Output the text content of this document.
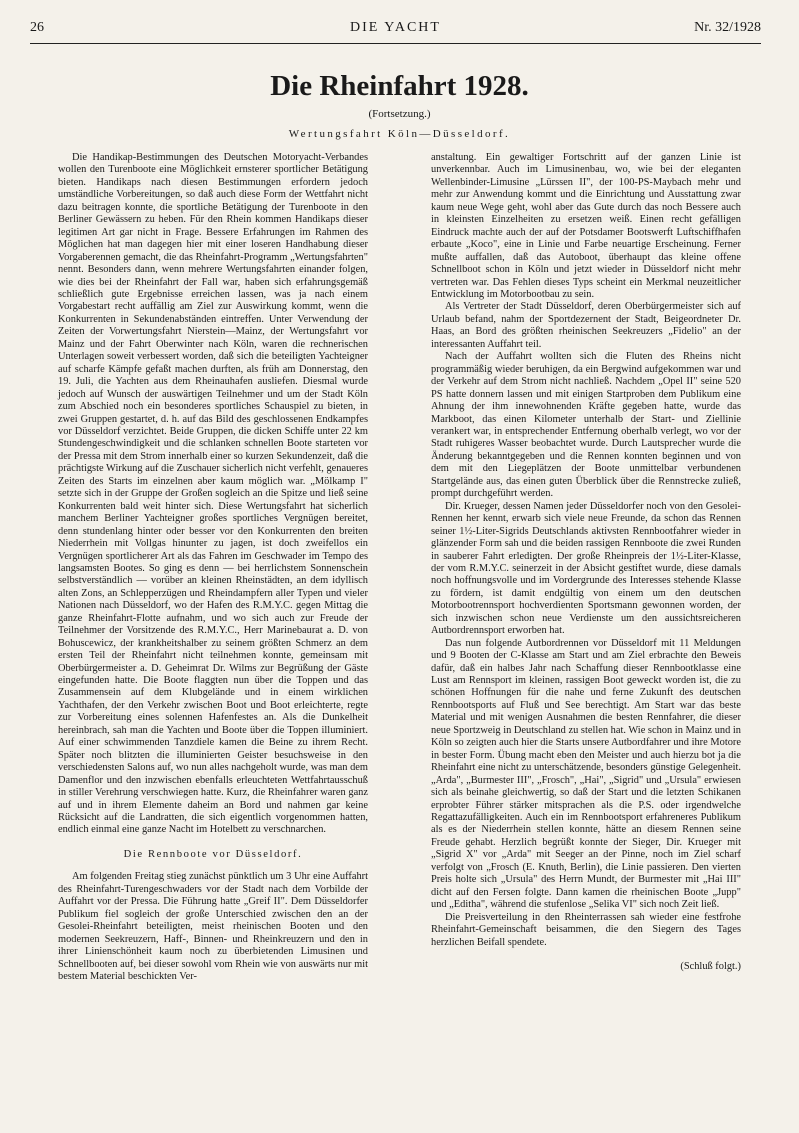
26	DIE YACHT	Nr. 32/1928
Die Rheinfahrt 1928.
(Fortsetzung.)
Wertungsfahrt Köln—Düsseldorf.

Die Handikap-Bestimmungen des Deutschen Motoryacht-Verbandes wollen den Turenboote eine Möglichkeit ernsterer sportlicher Betätigung bieten. Handikaps nach diesen Bestimmungen erfordern jedoch umständliche Vorbereitungen, so daß auch diese Form der Wettfahrt nicht dazu beitragen konnte, die sportliche Betätigung der Turenboote in den Berliner Gewässern zu heben. Für den Rhein kommen Handikaps dieser legitimen Art gar nicht in Frage. Bessere Erfahrungen im Rahmen des Möglichen hat man dagegen hier mit einer loseren Handhabung dieser Vorgaberennen gemacht, die das Rheinfahrt-Programm „Wertungsfahrten" nennt. Besonders dann, wenn mehrere Wertungsfahrten einander folgen, wie dies bei der Rheinfahrt der Fall war, haben sich erfahrungsgemäß schließlich gute Ergebnisse erreichen lassen, was ja nach einem Vorgabestart recht auffällig am Ziel zur Auswirkung kommt, wenn die Konkurrenten in Sekundenabständen eintreffen. Unter Verwendung der Zeiten der Vorwertungsfahrt Nierstein—Mainz, der Wertungsfahrt vor Mainz und der Fahrt Oberwinter nach Köln, waren die rechnerischen Unterlagen soweit verbessert worden, daß sich die beteiligten Yachteigner auf scharfe Kämpfe gefaßt machen durften, als früh am Donnerstag, den 19. Juli, die Yachten aus dem Rheinauhafen ausliefen. Diesmal wurde jedoch auf Wunsch der auswärtigen Teilnehmer und um der Stadt Köln zum Abschied noch ein besonderes sportliches Schauspiel zu bieten, in zwei Gruppen gestartet, d. h. auf das Bild des geschlossenen Endkampfes vor Düsseldorf verzichtet. Beide Gruppen, die dicken Schiffe unter 22 km Stundengeschwindigkeit und die schlanken schnellen Boote starteten vor der Pressa mit dem Strom innerhalb einer so kurzen Sekundenzeit, daß die prächtigste Wirkung auf die Zuschauer sicherlich nicht verfehlt, genaueres Zeiten des Starts im einzelnen aber kaum möglich war. „Mölkamp I" setzte sich in der Gruppe der Großen sogleich an die Spitze und ließ seine Konkurrenten bald weit hinter sich. Diese Wertungsfahrt hat sicherlich manchem Berliner Yachteigner großes sportliches Vergnügen bereitet, denn stundenlang hinter oder besser vor den Konkurrenten den breiten Niederrhein mit Vollgas hinunter zu jagen, ist doch zweifellos ein Vergnügen sportlicherer Art als das Fahren im Geschwader im Tempo des langsamsten Bootes. So ging es denn — bei herrlichstem Sonnenschein selbstverständlich — vorüber an kleinen Rheinstädten, an dem idyllisch alten Zons, an Schlepperzügen und Rheindampfern aller Typen und vieler Nationen nach Düsseldorf, wo der Hafen des R.M.Y.C. gegen Mittag die ganze Rheinfahrt-Flotte aufnahm, und wo sich auch zur Freude der Teilnehmer der Vorsitzende des R.M.Y.C., Herr Marinebaurat a. D. von Bohuscewicz, der krankheitshalber zu seinem größten Schmerz an dem ersten Teil der Rheinfahrt nicht teilnehmen konnte, gemeinsam mit Oberbürgermeister a. D. Geheimrat Dr. Wilms zur Begrüßung der Gäste eingefunden hatte. Die Boote flaggten nun über die Toppen und das Zusammensein auf dem Klubgelände und in einem wirklichen Yachthafen, der den Verkehr zwischen Boot und Boot erleichterte, regte zur Vorbereitung eines solennen Hafenfestes an. Als die Dunkelheit hereinbrach, sah man die Yachten und Boote über die Toppen illuminiert. Auf einer schwimmenden Tanzdiele kamen die Beine zu ihrem Recht. Später noch blitzten die illuminierten Geister besuchsweise in den verschiedensten Salons auf, wo nun alles nachgeholt wurde, was man dem Damenflor und den inzwischen ebenfalls erleuchteten Wettfahrtausschuß in stiller Verehrung verschwiegen hatte. Kurz, die Rheinfahrer waren ganz auf und in ihrem Elemente daheim an Bord und nahmen gar keine Rücksicht auf die Landratten, die sich eigentlich vorgenommen hatten, endlich einmal eine ganze Nacht im Hotelbett zu verschnarchen.

Die Rennboote vor Düsseldorf.

Am folgenden Freitag stieg zunächst pünktlich um 3 Uhr eine Auffahrt des Rheinfahrt-Turengeschwaders vor der Stadt nach dem Vorbilde der Auffahrt vor der Pressa. Die Führung hatte „Greif II". Dem Düsseldorfer Publikum fiel sogleich der große Unterschied zwischen den an der Gesolei-Rheinfahrt beteiligten, meist rheinischen Booten und den modernen Seekreuzern, Haff-, Binnen- und Rheinkreuzern und den in ihrer Linienschönheit kaum noch zu überbietenden Limusinen und Schnellbooten auf, bei dieser sowohl vom Rhein wie von auswärts nur mit bestem Material beschickten Ver-

anstaltung. Ein gewaltiger Fortschritt auf der ganzen Linie ist unverkennbar. Auch im Limusinenbau, wo, wie bei der eleganten Wellenbinder-Limusine „Lürssen II", der 100-PS-Maybach mehr und mehr zur Anwendung kommt und die Einrichtung und Ausstattung zwar kaum neue Wege geht, wohl aber das Gute durch das noch Bessere auch in kleinsten Einzelheiten zu ersetzen weiß. Einen recht gefälligen Eindruck machte auch der auf der Potsdamer Bootswerft Luftschiffhafen erbaute „Koco", eine in Linie und Farbe neuartige Erscheinung. Ferner mußte auffallen, daß das Autoboot, überhaupt das kleine offene Schnellboot schon in Köln und jetzt wieder in Düsseldorf nicht mehr vertreten war. Das Fehlen dieses Typs scheint ein Merkmal neuzeitlicher Entwicklung im Motorbootbau zu sein.

Als Vertreter der Stadt Düsseldorf, deren Oberbürgermeister sich auf Urlaub befand, nahm der Sportdezernent der Stadt, Beigeordneter Dr. Haas, an Bord des größten rheinischen Seekreuzers „Fidelio" an der interessanten Auffahrt teil.

Nach der Auffahrt wollten sich die Fluten des Rheins nicht programmäßig wieder beruhigen, da ein Bergwind aufgekommen war und der Verkehr auf dem Strom nicht nachließ. Nachdem „Opel II" seine 520 PS hatte donnern lassen und mit einigen Startproben dem Publikum eine Ahnung der ihm innewohnenden Kräfte gegeben hatte, wurde das Markboot, das einen Kilometer unterhalb der Start- und Ziellinie verankert war, in entsprechender Entfernung oberhalb verlegt, wo vor der Stadt ruhigeres Wasser beobachtet wurde. Durch Lautsprecher wurde die Änderung bekanntgegeben und die Rennen konnten beginnen und von dem mit den Liegeplätzen der Boote unmittelbar verbundenen Startgelände aus, das einen guten Überblick über die Rennstrecke zuließ, prompt durchgeführt werden.

Dir. Krueger, dessen Namen jeder Düsseldorfer noch von den Gesolei-Rennen her kennt, erwarb sich viele neue Freunde, da schon das Rennen seiner 1½-Liter-Sigrids Deutschlands aktivsten Rennbootfahrer wieder in glänzender Form sah und die beiden rassigen Rennboote die zwei Runden in sauberer Fahrt erledigten. Der große Rheinpreis der 1½-Liter-Klasse, der vom R.M.Y.C. seinerzeit in der Absicht gestiftet wurde, diese damals noch hoffnungsvolle und im Vordergrunde des Interesses stehende Klasse zu fördern, ist damit endgültig von einem um den deutschen Motorbootrennsport hochverdienten Sportsmann gewonnen worden, der sich inzwischen schon neue Verdienste um den aussichtsreicheren Autbordrennsport erworben hat.

Das nun folgende Autbordrennen vor Düsseldorf mit 11 Meldungen und 9 Booten der C-Klasse am Start und am Ziel erbrachte den Beweis dafür, daß ein halbes Jahr nach Schaffung dieser Rennbootklasse eine Lust am Rennsport im kleinen, rassigen Boot geweckt worden ist, die zu schönen Hoffnungen für die nahe und ferne Zukunft des deutschen Rennbootsports auf Fluß und See berechtigt. Am Start war das beste Material und mit wenigen Ausnahmen die besten Rennfahrer, die dieser neue Sportzweig in Deutschland zu stellen hat. Wie schon in Mainz und in Köln so zeigten auch hier die Starts unsere Autbordfahrer und ihre Motore in bester Form. Übung macht eben den Meister und auch hierzu bot ja die Rheinfahrt eine nicht zu unterschätzende, besonders günstige Gelegenheit. „Arda", „Burmester III", „Frosch", „Hai", „Sigrid" und „Ursula" erwiesen sich als beinahe gleichwertig, so daß der Start und die letzten Schikanen erprobter Führer stärker mitsprachen als die P.S. oder irgendwelche Regattazufälligkeiten. Auch ein im Rennbootsport erfahreneres Publikum als es der Niederrhein stellen konnte, hätte an diesem Rennen seine Freude gehabt. Herzlich begrüßt konnte der Sieger, Dir. Krueger mit „Sigrid X" vor „Arda" mit Seeger an der Pinne, noch im Ziel scharf verfolgt von „Frosch (E. Knuth, Berlin), die Linie passieren. Den vierten Preis holte sich „Ursula" des Herrn Mundt, der Burmester mit „Hai III" dicht auf den Fersen folgte. Dann kamen die rheinischen Boote „Jupp" und „Editha", während die stufenlose „Selika VI" sich noch Zeit ließ.

Die Preisverteilung in den Rheinterrassen sah wieder eine festfrohe Rheinfahrt-Gemeinschaft beisammen, die den Siegern des Tages herzlichen Beifall spendete.

(Schluß folgt.)
